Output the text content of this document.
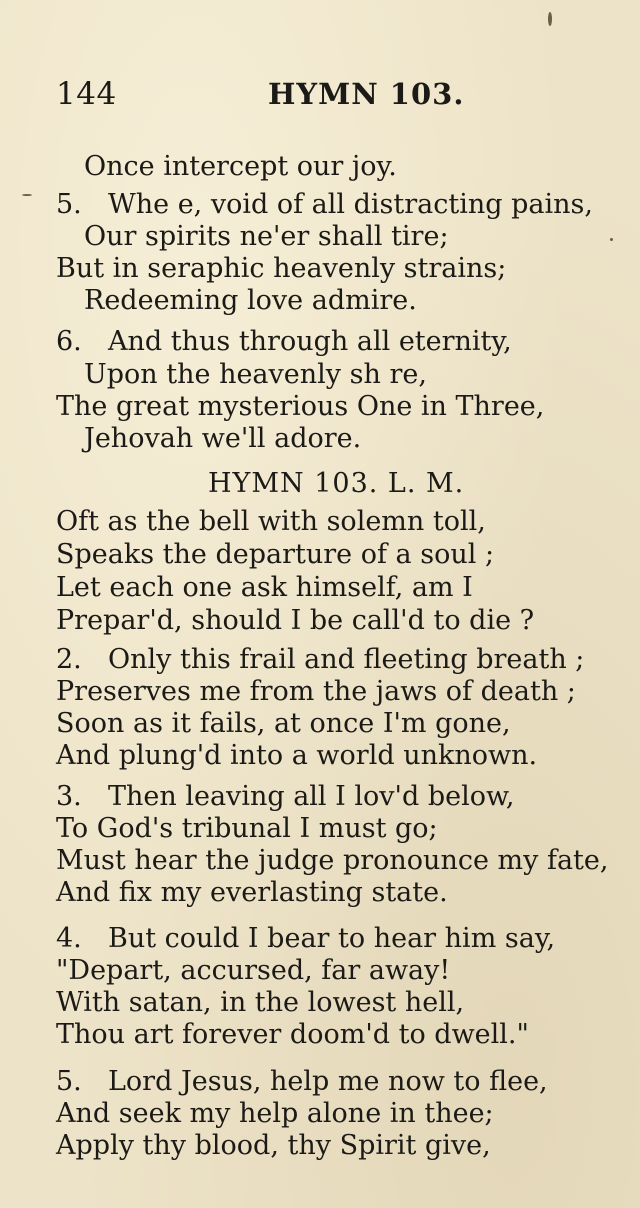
144	HYMN 103.
Once intercept our joy.
5. Whe e, void of all distracting pains,
Our spirits ne'er shall tire;
But in seraphic heavenly strains;
Redeeming love admire.
6. And thus through all eternity,
Upon the heavenly sh re,
The great mysterious One in Three,
Jehovah we'll adore.
HYMN 103. L. M.
Oft as the bell with solemn toll,
Speaks the departure of a soul ;
Let each one ask himself, am I
Prepar'd, should I be call'd to die ?
2. Only this frail and fleeting breath ;
Preserves me from the jaws of death ;
Soon as it fails, at once I'm gone,
And plung'd into a world unknown.
3. Then leaving all I lov'd below,
To God's tribunal I must go;
Must hear the judge pronounce my fate,
And fix my everlasting state.
4. But could I bear to hear him say,
"Depart, accursed, far away!
With satan, in the lowest hell,
Thou art forever doom'd to dwell."
5. Lord Jesus, help me now to flee,
And seek my help alone in thee;
Apply thy blood, thy Spirit give,
